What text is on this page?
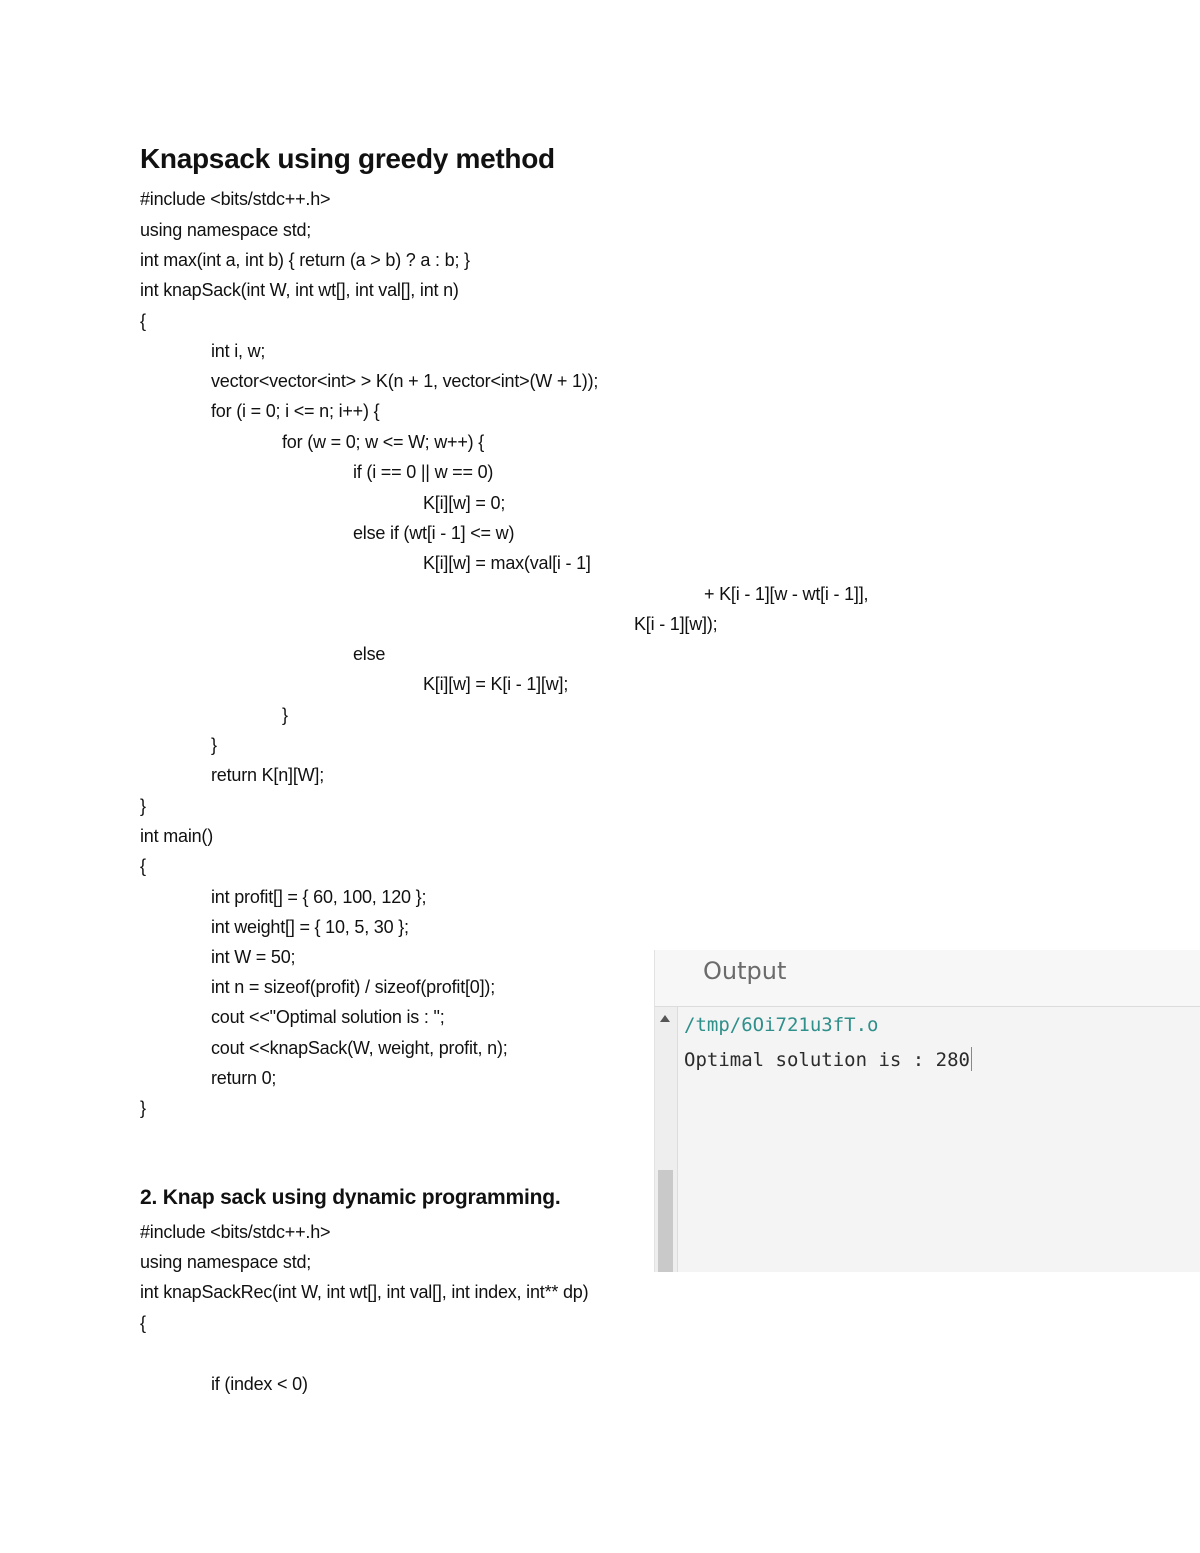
Knapsack using greedy method
#include <bits/stdc++.h>
using namespace std;
int max(int a, int b) { return (a > b) ? a : b; }
int knapSack(int W, int wt[], int val[], int n)
{
int i, w;
vector<vector<int> > K(n + 1, vector<int>(W + 1));
for (i = 0; i <= n; i++) {
for (w = 0; w <= W; w++) {
if (i == 0 || w == 0)
K[i][w] = 0;
else if (wt[i - 1] <= w)
K[i][w] = max(val[i - 1]
+ K[i - 1][w - wt[i - 1]],
K[i - 1][w]);
else
K[i][w] = K[i - 1][w];
}
}
return K[n][W];
}
int main()
{
int profit[] = { 60, 100, 120 };
int weight[] = { 10, 5, 30 };
int W = 50;
int n = sizeof(profit) / sizeof(profit[0]);
cout <<"Optimal solution is : ";
cout <<knapSack(W, weight, profit, n);
return 0;
}
2. Knap sack using dynamic programming.
#include <bits/stdc++.h>
using namespace std;
int knapSackRec(int W, int wt[], int val[], int index, int** dp)
{
if (index < 0)
Output
/tmp/6Oi721u3fT.o
Optimal solution is : 280
